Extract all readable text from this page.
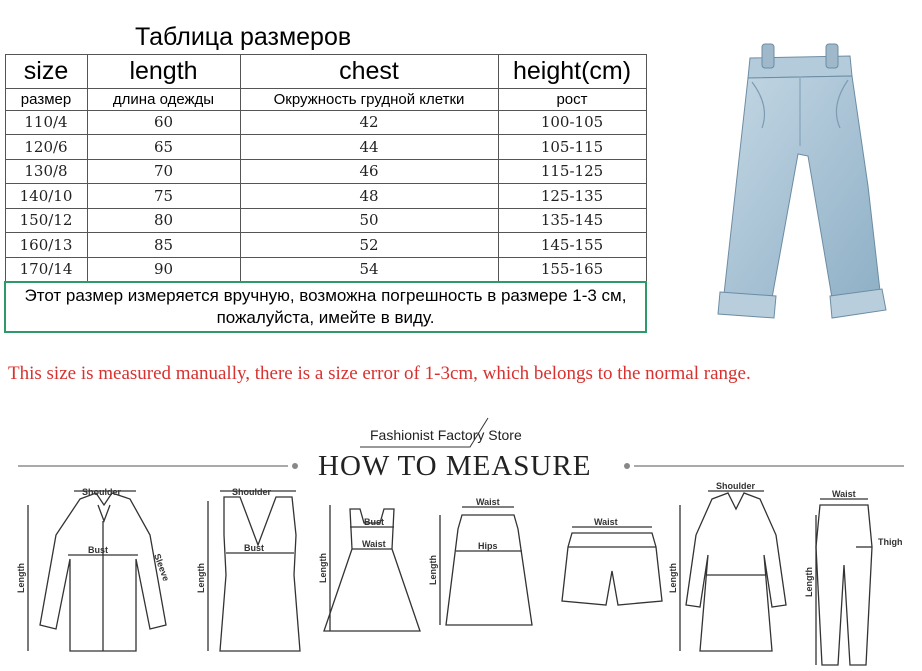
Таблица размеров			
size	length	chest	height(cm)
размер	длина одежды	Окружность грудной клетки	рост
110/4	60	42	100-105
120/6	65	44	105-115
130/8	70	46	115-125
140/10	75	48	125-135
150/12	80	50	135-145
160/13	85	52	145-155
170/14	90	54	155-165
Этот размер измеряется вручную, возможна погрешность в размере 1-3 см, пожалуйста, имейте в виду.			
This size is measured manually, there is a size error of 1-3cm, which belongs to the normal range.
Fashionist Factory Store
HOW TO MEASURE
Shoulder
Bust
Sleeve
Length
Shoulder
Bust
Length
Bust
Waist
Length
Waist
Hips
Length
Waist
Shoulder
Length
Waist
Thigh
Length
